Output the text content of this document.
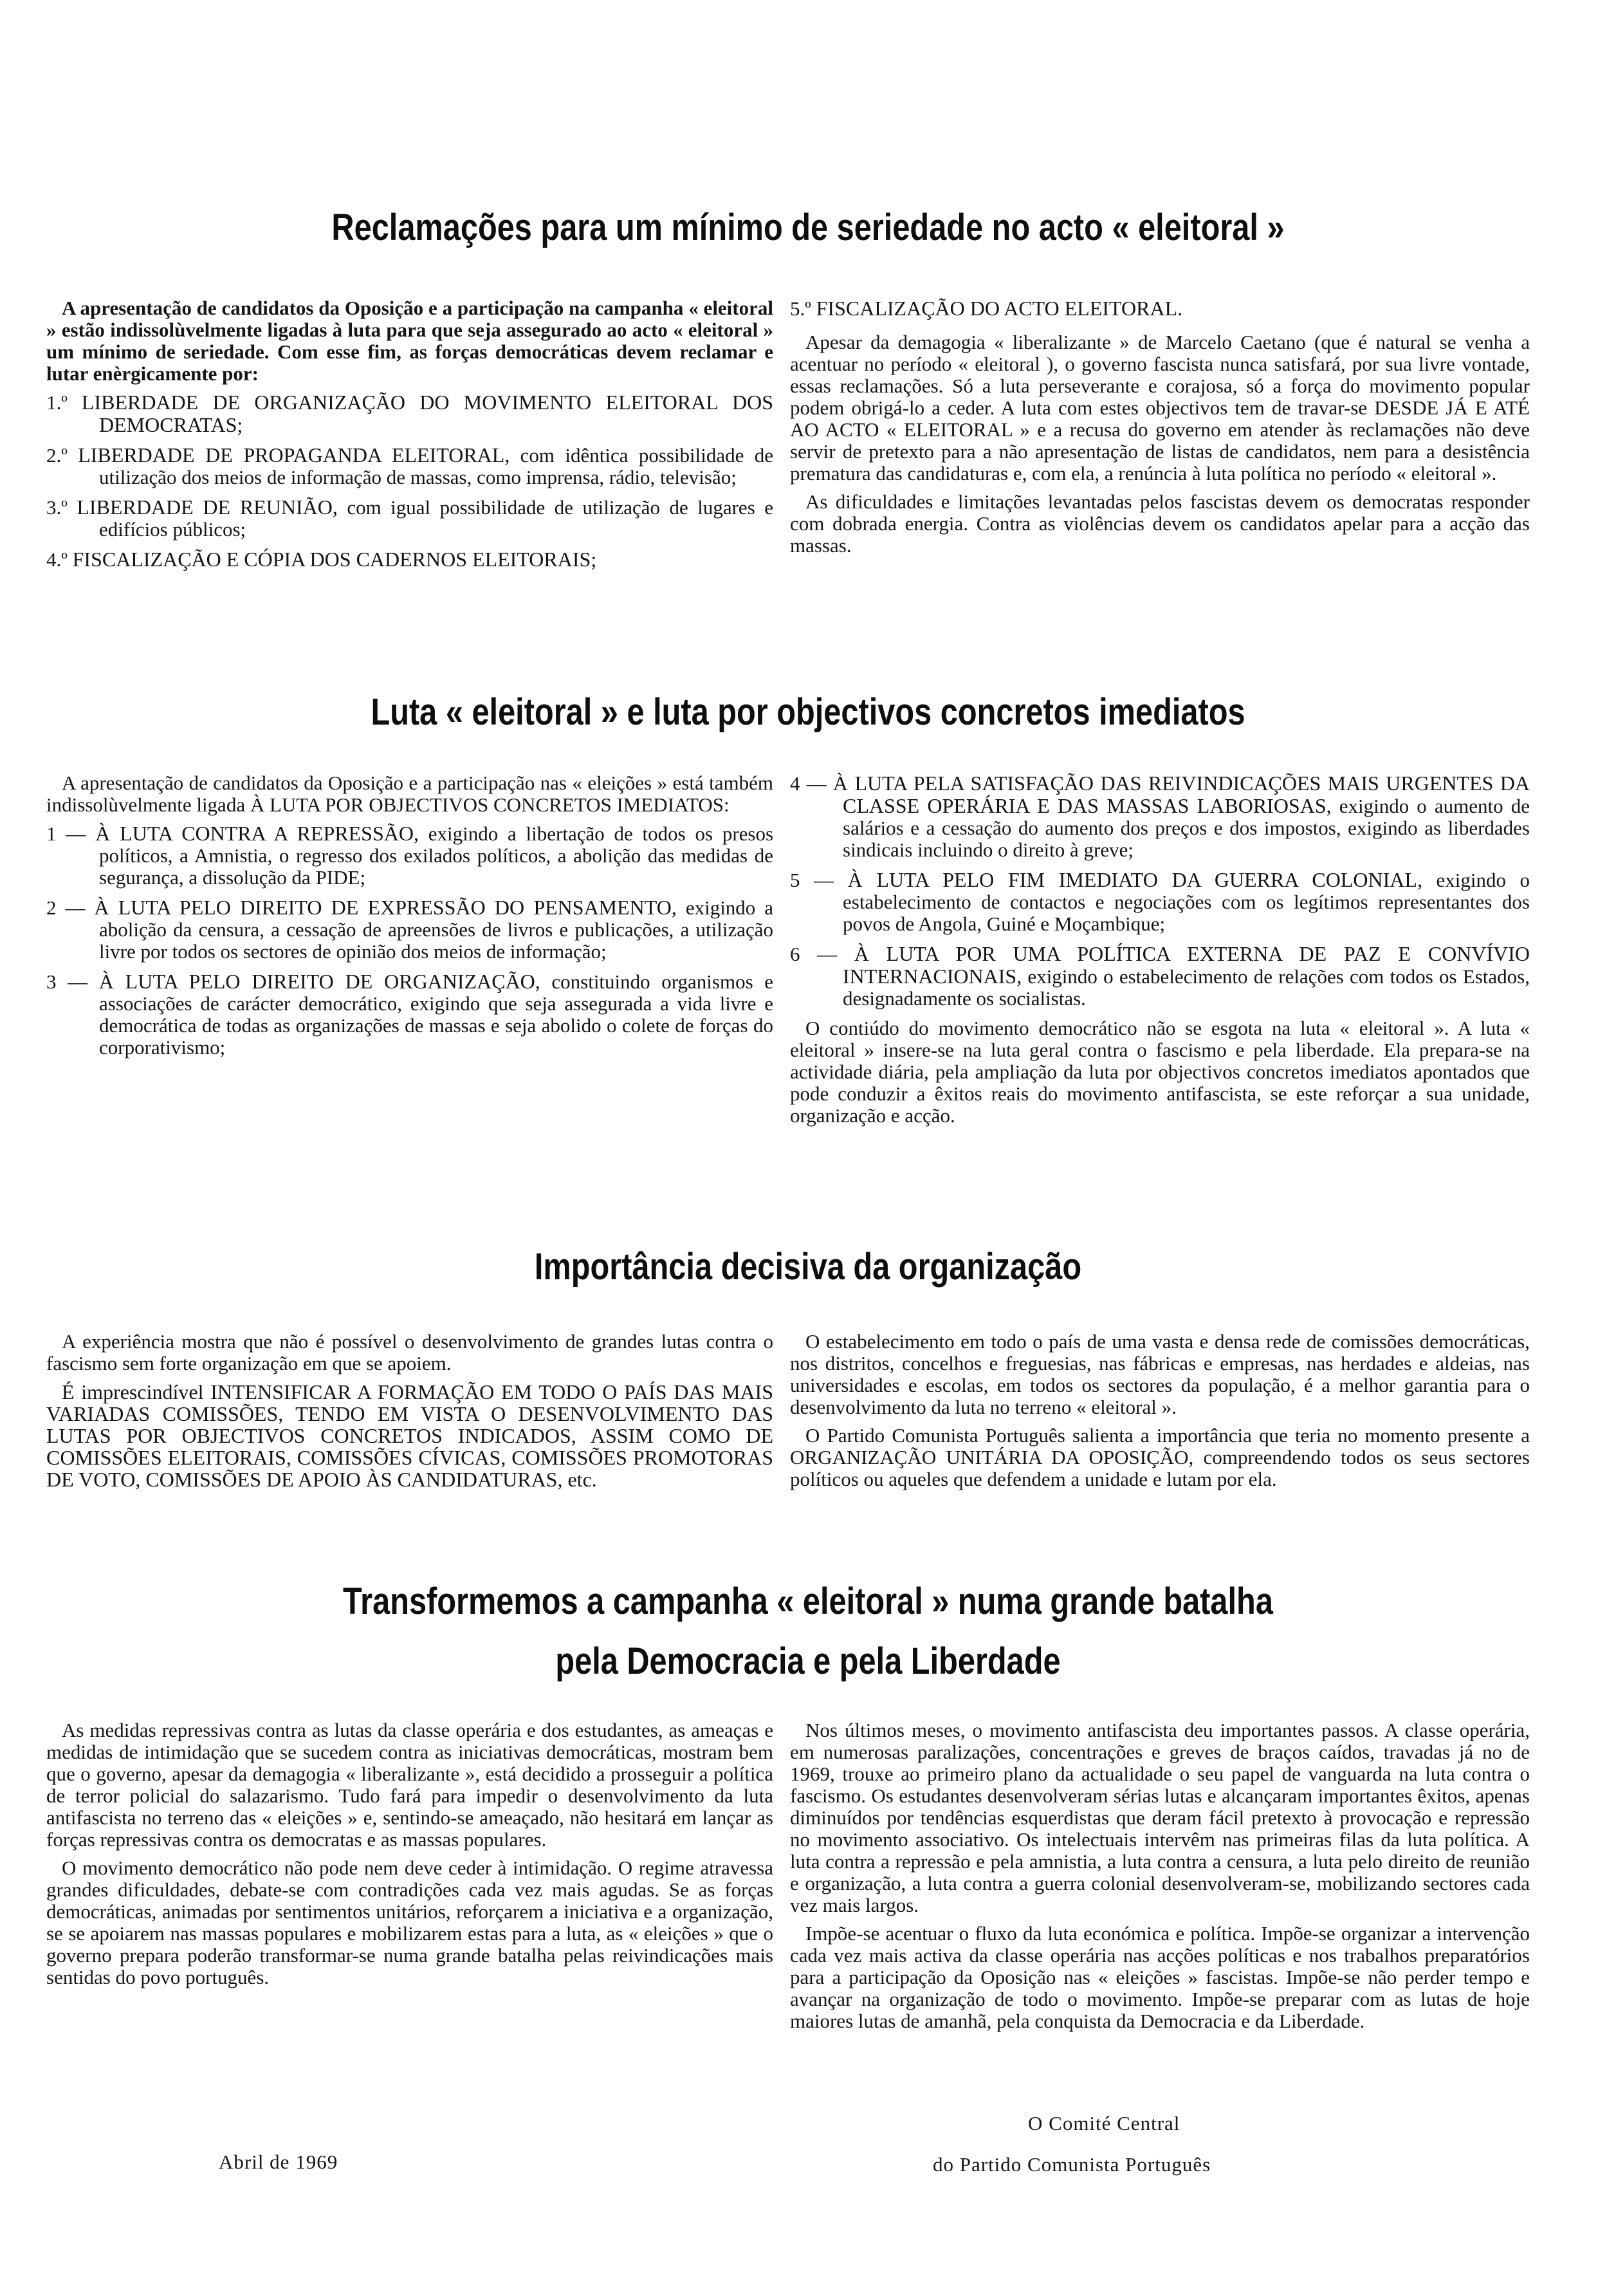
Reclamações para um mínimo de seriedade no acto « eleitoral »

A apresentação de candidatos da Oposição e a participação na campanha « eleitoral » estão indissolùvelmente ligadas à luta para que seja assegurado ao acto « eleitoral » um mínimo de seriedade. Com esse fim, as forças democráticas devem reclamar e lutar enèrgicamente por:

1.º LIBERDADE DE ORGANIZAÇÃO DO MOVIMENTO ELEITORAL DOS DEMOCRATAS;

2.º LIBERDADE DE PROPAGANDA ELEITORAL, com idêntica possibilidade de utilização dos meios de informação de massas, como imprensa, rádio, televisão;

3.º LIBERDADE DE REUNIÃO, com igual possibilidade de utilização de lugares e edifícios públicos;

4.º FISCALIZAÇÃO E CÓPIA DOS CADERNOS ELEITORAIS;

5.º FISCALIZAÇÃO DO ACTO ELEITORAL.

Apesar da demagogia « liberalizante » de Marcelo Caetano (que é natural se venha a acentuar no período « eleitoral ), o governo fascista nunca satisfará, por sua livre vontade, essas reclamações. Só a luta perseverante e corajosa, só a força do movimento popular podem obrigá-lo a ceder. A luta com estes objectivos tem de travar-se DESDE JÁ E ATÉ AO ACTO « ELEITORAL » e a recusa do governo em atender às reclamações não deve servir de pretexto para a não apresentação de listas de candidatos, nem para a desistência prematura das candidaturas e, com ela, a renúncia à luta política no período « eleitoral ».

As dificuldades e limitações levantadas pelos fascistas devem os democratas responder com dobrada energia. Contra as violências devem os candidatos apelar para a acção das massas.

Luta « eleitoral » e luta por objectivos concretos imediatos

A apresentação de candidatos da Oposição e a participação nas « eleições » está também indissolùvelmente ligada À LUTA POR OBJECTIVOS CONCRETOS IMEDIATOS:

1 — À LUTA CONTRA A REPRESSÃO, exigindo a libertação de todos os presos políticos, a Amnistia, o regresso dos exilados políticos, a abolição das medidas de segurança, a dissolução da PIDE;

2 — À LUTA PELO DIREITO DE EXPRESSÃO DO PENSAMENTO, exigindo a abolição da censura, a cessação de apreensões de livros e publicações, a utilização livre por todos os sectores de opinião dos meios de informação;

3 — À LUTA PELO DIREITO DE ORGANIZAÇÃO, constituindo organismos e associações de carácter democrático, exigindo que seja assegurada a vida livre e democrática de todas as organizações de massas e seja abolido o colete de forças do corporativismo;

4 — À LUTA PELA SATISFAÇÃO DAS REIVINDICAÇÕES MAIS URGENTES DA CLASSE OPERÁRIA E DAS MASSAS LABORIOSAS, exigindo o aumento de salários e a cessação do aumento dos preços e dos impostos, exigindo as liberdades sindicais incluindo o direito à greve;

5 — À LUTA PELO FIM IMEDIATO DA GUERRA COLONIAL, exigindo o estabelecimento de contactos e negociações com os legítimos representantes dos povos de Angola, Guiné e Moçambique;

6 — À LUTA POR UMA POLÍTICA EXTERNA DE PAZ E CONVÍVIO INTERNACIONAIS, exigindo o estabelecimento de relações com todos os Estados, designadamente os socialistas.

O contiúdo do movimento democrático não se esgota na luta « eleitoral ». A luta « eleitoral » insere-se na luta geral contra o fascismo e pela liberdade. Ela prepara-se na actividade diária, pela ampliação da luta por objectivos concretos imediatos apontados que pode conduzir a êxitos reais do movimento antifascista, se este reforçar a sua unidade, organização e acção.

Importância decisiva da organização

A experiência mostra que não é possível o desenvolvimento de grandes lutas contra o fascismo sem forte organização em que se apoiem.

É imprescindível INTENSIFICAR A FORMAÇÃO EM TODO O PAÍS DAS MAIS VARIADAS COMISSÕES, TENDO EM VISTA O DESENVOLVIMENTO DAS LUTAS POR OBJECTIVOS CONCRETOS INDICADOS, ASSIM COMO DE COMISSÕES ELEITORAIS, COMISSÕES CÍVICAS, COMISSÕES PROMOTORAS DE VOTO, COMISSÕES DE APOIO ÀS CANDIDATURAS, etc.

O estabelecimento em todo o país de uma vasta e densa rede de comissões democráticas, nos distritos, concelhos e freguesias, nas fábricas e empresas, nas herdades e aldeias, nas universidades e escolas, em todos os sectores da população, é a melhor garantia para o desenvolvimento da luta no terreno « eleitoral ».

O Partido Comunista Português salienta a importância que teria no momento presente a ORGANIZAÇÃO UNITÁRIA DA OPOSIÇÃO, compreendendo todos os seus sectores políticos ou aqueles que defendem a unidade e lutam por ela.

Transformemos a campanha « eleitoral » numa grande batalha
pela Democracia e pela Liberdade

As medidas repressivas contra as lutas da classe operária e dos estudantes, as ameaças e medidas de intimidação que se sucedem contra as iniciativas democráticas, mostram bem que o governo, apesar da demagogia « liberalizante », está decidido a prosseguir a política de terror policial do salazarismo. Tudo fará para impedir o desenvolvimento da luta antifascista no terreno das « eleições » e, sentindo-se ameaçado, não hesitará em lançar as forças repressivas contra os democratas e as massas populares.

O movimento democrático não pode nem deve ceder à intimidação. O regime atravessa grandes dificuldades, debate-se com contradições cada vez mais agudas. Se as forças democráticas, animadas por sentimentos unitários, reforçarem a iniciativa e a organização, se se apoiarem nas massas populares e mobilizarem estas para a luta, as « eleições » que o governo prepara poderão transformar-se numa grande batalha pelas reivindicações mais sentidas do povo português.

Nos últimos meses, o movimento antifascista deu importantes passos. A classe operária, em numerosas paralizações, concentrações e greves de braços caídos, travadas já no de 1969, trouxe ao primeiro plano da actualidade o seu papel de vanguarda na luta contra o fascismo. Os estudantes desenvolveram sérias lutas e alcançaram importantes êxitos, apenas diminuídos por tendências esquerdistas que deram fácil pretexto à provocação e repressão no movimento associativo. Os intelectuais intervêm nas primeiras filas da luta política. A luta contra a repressão e pela amnistia, a luta contra a censura, a luta pelo direito de reunião e organização, a luta contra a guerra colonial desenvolveram-se, mobilizando sectores cada vez mais largos.

Impõe-se acentuar o fluxo da luta económica e política. Impõe-se organizar a intervenção cada vez mais activa da classe operária nas acções políticas e nos trabalhos preparatórios para a participação da Oposição nas « eleições » fascistas. Impõe-se não perder tempo e avançar na organização de todo o movimento. Impõe-se preparar com as lutas de hoje maiores lutas de amanhã, pela conquista da Democracia e da Liberdade.

Abril de 1969
O Comité Central
do Partido Comunista Português
